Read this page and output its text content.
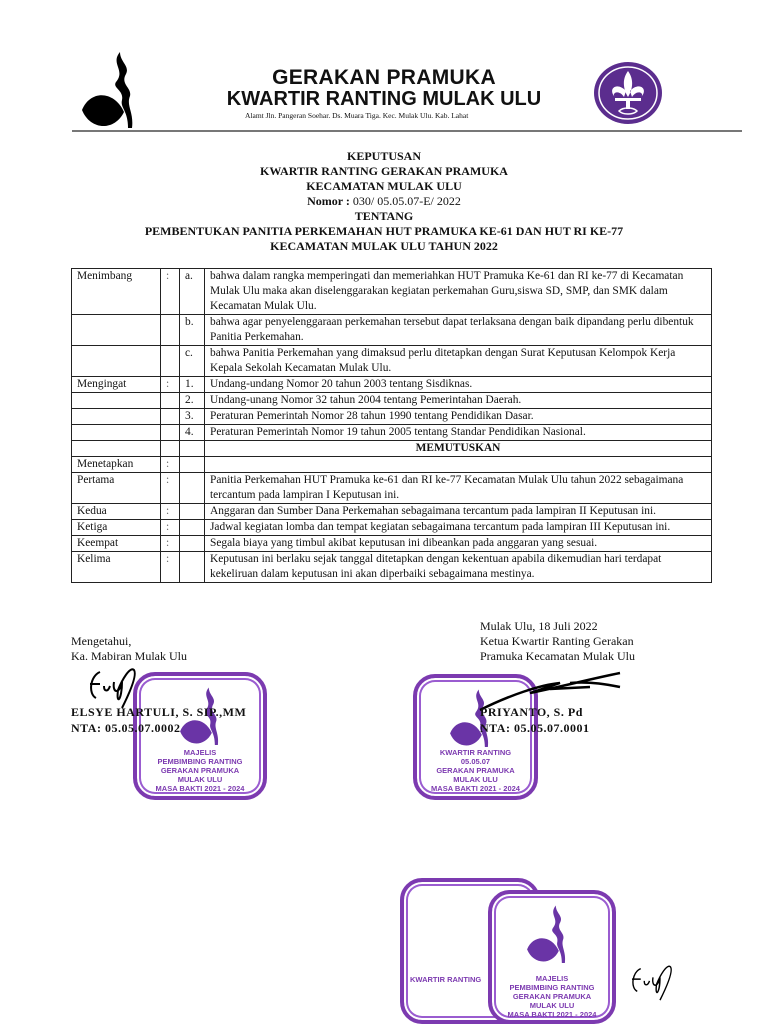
GERAKAN PRAMUKA
KWARTIR RANTING MULAK ULU
Alamt Jln. Pangeran Soehar. Ds. Muara Tiga. Kec. Mulak Ulu. Kab. Lahat
KEPUTUSAN
KWARTIR RANTING GERAKAN PRAMUKA
KECAMATAN MULAK ULU
Nomor : 030/ 05.05.07-E/ 2022
TENTANG
PEMBENTUKAN PANITIA PERKEMAHAN HUT PRAMUKA KE-61 DAN HUT RI KE-77
KECAMATAN MULAK ULU TAHUN 2022
Menimbang	:	a.	bahwa dalam rangka memperingati dan memeriahkan HUT Pramuka Ke-61 dan RI ke-77 di Kecamatan Mulak Ulu maka akan diselenggarakan kegiatan perkemahan Guru,siswa SD, SMP, dan SMK dalam Kecamatan Mulak Ulu.
		b.	bahwa agar penyelenggaraan perkemahan tersebut dapat terlaksana dengan baik dipandang perlu dibentuk Panitia Perkemahan.
		c.	bahwa Panitia Perkemahan yang dimaksud perlu ditetapkan dengan Surat Keputusan Kelompok Kerja Kepala Sekolah Kecamatan Mulak Ulu.
Mengingat	:	1.	Undang-undang Nomor 20 tahun 2003 tentang Sisdiknas.
		2.	Undang-unang Nomor 32 tahun 2004 tentang Pemerintahan Daerah.
		3.	Peraturan Pemerintah Nomor 28 tahun 1990 tentang Pendidikan Dasar.
		4.	Peraturan Pemerintah Nomor 19 tahun 2005 tentang Standar Pendidikan Nasional.
			MEMUTUSKAN
Menetapkan	:		
Pertama	:		Panitia Perkemahan HUT Pramuka ke-61 dan RI ke-77 Kecamatan Mulak Ulu tahun 2022 sebagaimana tercantum pada lampiran I Keputusan ini.
Kedua	:		Anggaran dan Sumber Dana Perkemahan sebagaimana tercantum pada lampiran II Keputusan ini.
Ketiga	:		Jadwal kegiatan lomba dan tempat kegiatan sebagaimana tercantum pada lampiran III Keputusan ini.
Keempat	:		Segala biaya yang timbul akibat keputusan ini dibeankan pada anggaran yang sesuai.
Kelima	:		Keputusan ini berlaku sejak tanggal ditetapkan dengan kekentuan apabila dikemudian hari terdapat kekeliruan dalam keputusan ini akan diperbaiki sebagaimana mestinya.
MAJELIS
PEMBIMBING RANTING
GERAKAN PRAMUKA
MULAK ULU
MASA BAKTI 2021 - 2024
KWARTIR RANTING
05.05.07
GERAKAN PRAMUKA
MULAK ULU
MASA BAKTI 2021 - 2024
Mengetahui,
Ka. Mabiran Mulak Ulu
ELSYE HARTULI, S. SIP.,MM
NTA: 05.05.07.0002
Mulak Ulu, 18 Juli 2022
Ketua Kwartir Ranting Gerakan
Pramuka Kecamatan Mulak Ulu
PRIYANTO, S. Pd
NTA: 05.05.07.0001
KWARTIR RANTING	MAJELIS
PEMBIMBING RANTING
GERAKAN PRAMUKA
MULAK ULU
MASA BAKTI 2021 - 2024
